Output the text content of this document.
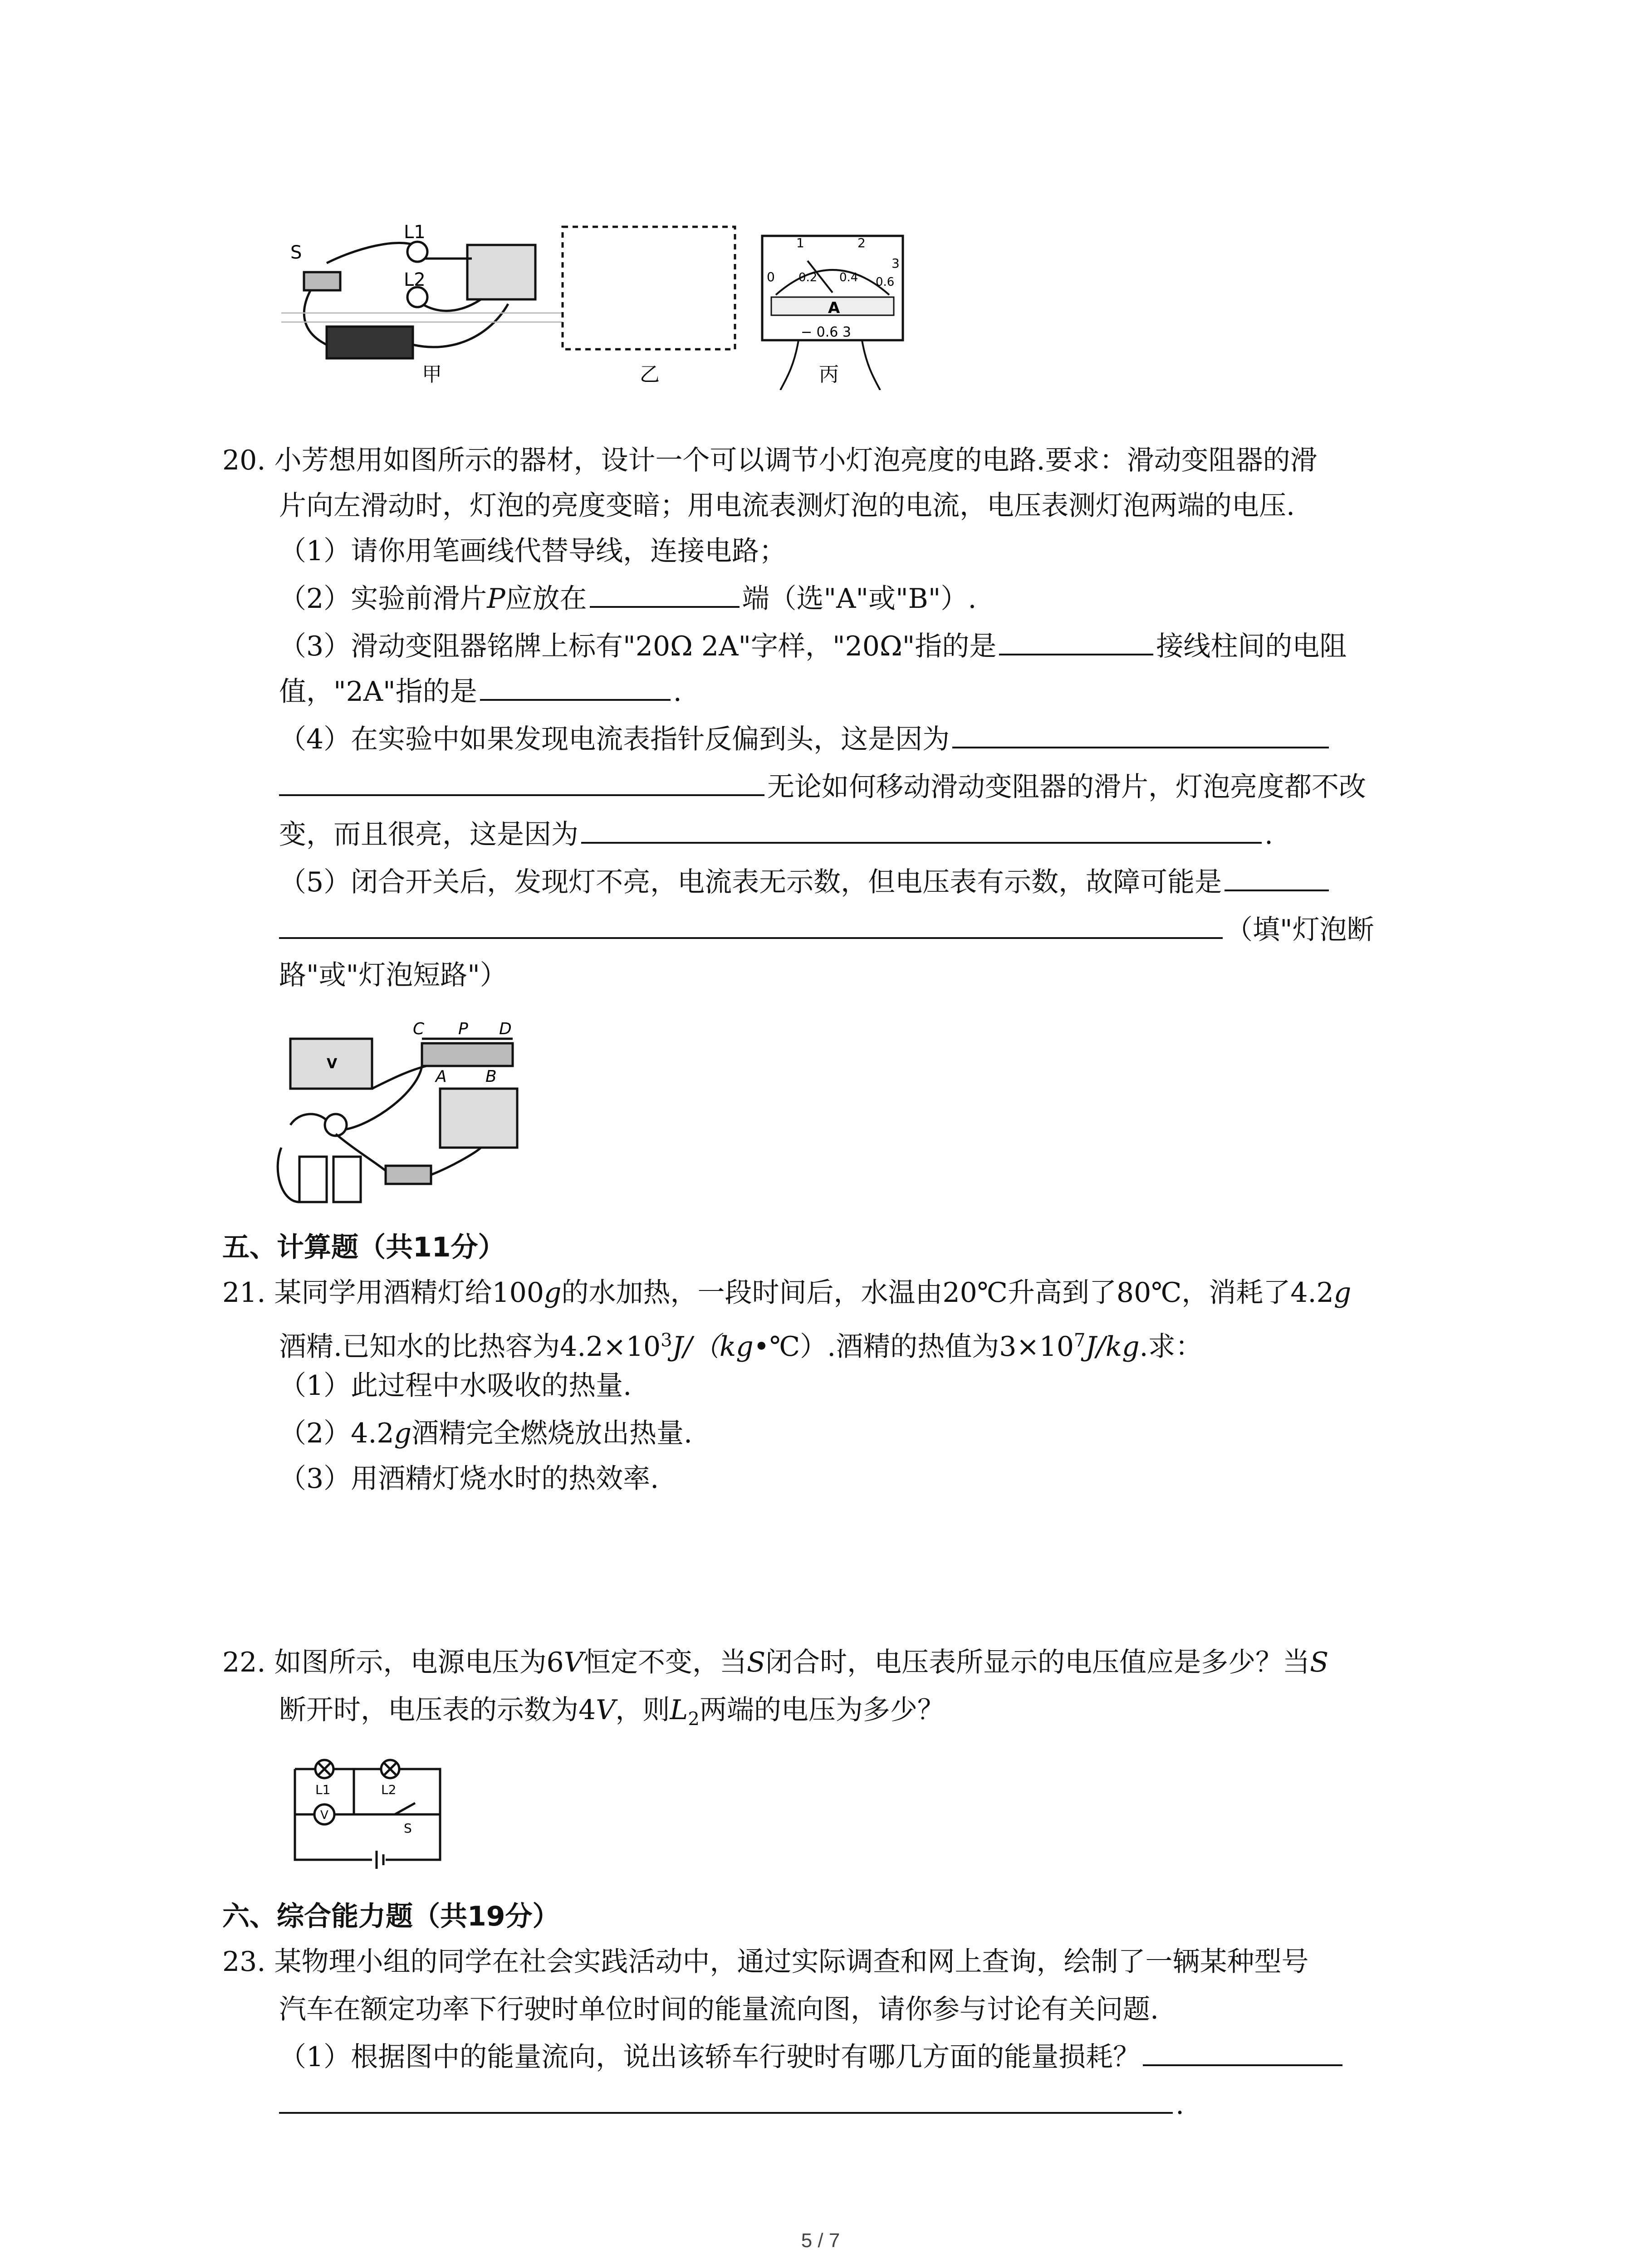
S
L1
L2
甲	乙
1	2
3
0 0.2 0.4 0.6
A
− 0.6 3
丙
20. 小芳想用如图所示的器材，设计一个可以调节小灯泡亮度的电路.要求：滑动变阻器的滑
片向左滑动时，灯泡的亮度变暗；用电流表测灯泡的电流，电压表测灯泡两端的电压.
（1）请你用笔画线代替导线，连接电路；
（2）实验前滑片P应放在	端（选"A"或"B"）.
（3）滑动变阻器铭牌上标有"20Ω 2A"字样，"20Ω"指的是	接线柱间的电阻
值，"2A"指的是	.
（4）在实验中如果发现电流表指针反偏到头，这是因为
无论如何移动滑动变阻器的滑片，灯泡亮度都不改
变，而且很亮，这是因为	.
（5）闭合开关后，发现灯不亮，电流表无示数，但电压表有示数，故障可能是
（填"灯泡断
路"或"灯泡短路"）
C P D
A B
V
五、计算题（共11分）
21. 某同学用酒精灯给100g的水加热，一段时间后，水温由20℃升高到了80℃，消耗了4.2g
酒精.已知水的比热容为$4.2\times 10^3J/(kg•℃)$.酒精的热值为$3\times 10^7J/kg$.求：
（1）此过程中水吸收的热量.
（2）4.2g酒精完全燃烧放出热量.
（3）用酒精灯烧水时的热效率.
22. 如图所示，电源电压为6V恒定不变，当S闭合时，电压表所显示的电压值应是多少？当S
断开时，电压表的示数为4V，则$L_2$两端的电压为多少？
L1	L2
V
S
六、综合能力题（共19分）
23. 某物理小组的同学在社会实践活动中，通过实际调查和网上查询，绘制了一辆某种型号
汽车在额定功率下行驶时单位时间的能量流向图，请你参与讨论有关问题.
（1）根据图中的能量流向，说出该轿车行驶时有哪几方面的能量损耗？
.
5 / 7
